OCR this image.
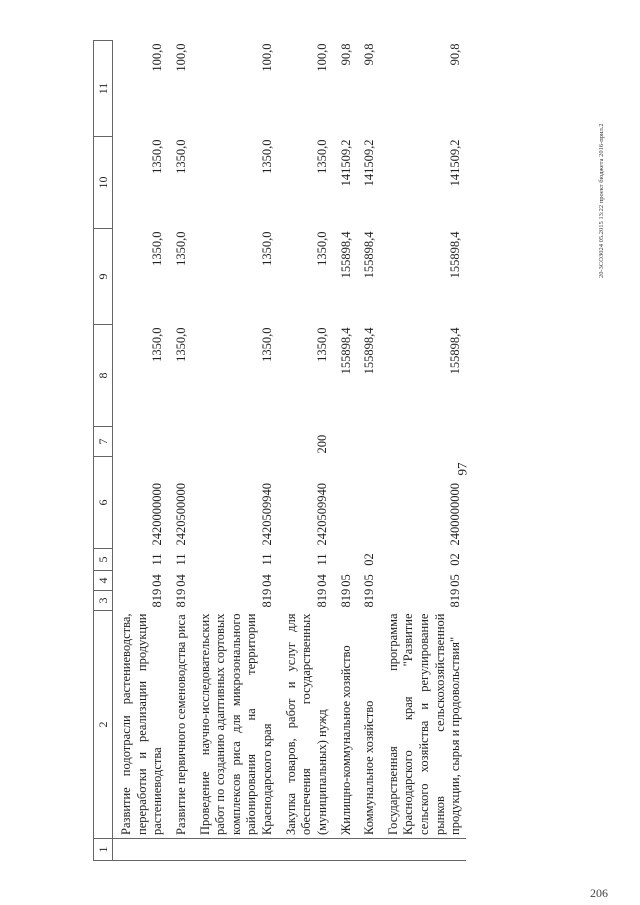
97
20-3СОЗ024 05.2015 13:22 проект бюджета 2016-прил.2
206
1	2	3	4	5	6	7	8	9	10	11
	Развитие подотрасли растениеводства, переработки и реализации продукции растениеводства	819	04	11	2420000000		1350,0	1350,0	1350,0	100,0
	Развитие первичного семеноводства риса	819	04	11	2420500000		1350,0	1350,0	1350,0	100,0
	Проведение научно-исследовательских работ по созданию адаптивных сортовых комплексов риса для микрозонального районирования на территории Краснодарского края	819	04	11	2420509940		1350,0	1350,0	1350,0	100,0
	Закупка товаров, работ и услуг для обеспечения государственных (муниципальных) нужд	819	04	11	2420509940	200	1350,0	1350,0	1350,0	100,0
	Жилищно-коммунальное хозяйство	819	05				155898,4	155898,4	141509,2	90,8
	Коммунальное хозяйство	819	05	02			155898,4	155898,4	141509,2	90,8
	Государственная программа Краснодарского края "Развитие сельского хозяйства и регулирование рынков сельскохозяйственной продукции, сырья и продовольствия"	819	05	02	2400000000		155898,4	155898,4	141509,2	90,8
